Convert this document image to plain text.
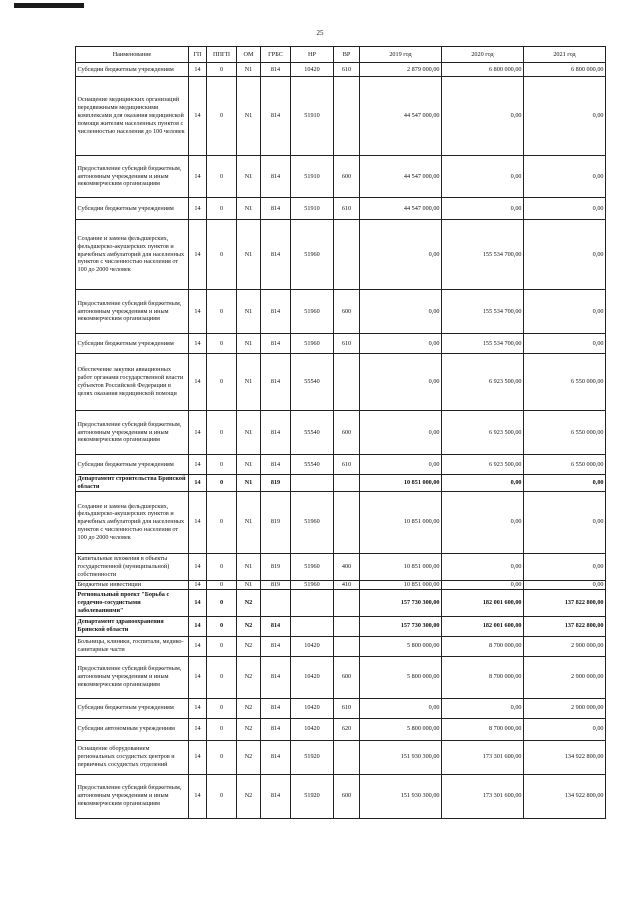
25
Наименование	ГП	ППГП	ОМ	ГРБС	НР	ВР	2019 год	2020 год	2021 год
Субсидии бюджетным учреждениям	14	0	N1	814	10420	610	2 879 000,00	6 800 000,00	6 800 000,00
Оснащение медицинских организаций передвижными медицинскими комплексами для оказания медицинской помощи жителям населенных пунктов с численностью населения до 100 человек	14	0	N1	814	51910		44 547 000,00	0,00	0,00
Предоставление субсидий бюджетным, автономным учреждениям и иным некоммерческим организациям	14	0	N1	814	51910	600	44 547 000,00	0,00	0,00
Субсидии бюджетным учреждениям	14	0	N1	814	51910	610	44 547 000,00	0,00	0,00
Создание и замена фельдшерских, фельдшерско-акушерских пунктов и врачебных амбулаторий для населенных пунктов с численностью населения от 100 до 2000 человек	14	0	N1	814	51960		0,00	155 534 700,00	0,00
Предоставление субсидий бюджетным, автономным учреждениям и иным некоммерческим организациям	14	0	N1	814	51960	600	0,00	155 534 700,00	0,00
Субсидии бюджетным учреждениям	14	0	N1	814	51960	610	0,00	155 534 700,00	0,00
Обеспечение закупки авиационных работ органами государственной власти субъектов Российской Федерации в целях оказания медицинской помощи	14	0	N1	814	55540		0,00	6 923 500,00	6 550 000,00
Предоставление субсидий бюджетным, автономным учреждениям и иным некоммерческим организациям	14	0	N1	814	55540	600	0,00	6 923 500,00	6 550 000,00
Субсидии бюджетным учреждениям	14	0	N1	814	55540	610	0,00	6 923 500,00	6 550 000,00
Департамент строительства Брянской области	14	0	N1	819			10 851 000,00	0,00	0,00
Создание и замена фельдшерских, фельдшерско-акушерских пунктов и врачебных амбулаторий для населенных пунктов с численностью населения от 100 до 2000 человек	14	0	N1	819	51960		10 851 000,00	0,00	0,00
Капитальные вложения в объекты государственной (муниципальной) собственности	14	0	N1	819	51960	400	10 851 000,00	0,00	0,00
Бюджетные инвестиции	14	0	N1	819	51960	410	10 851 000,00	0,00	0,00
Региональный проект "Борьба с сердечно-сосудистыми заболеваниями"	14	0	N2				157 730 300,00	182 001 600,00	137 822 800,00
Департамент здравоохранения Брянской области	14	0	N2	814			157 730 300,00	182 001 600,00	137 822 800,00
Больницы, клиники, госпитали, медико-санитарные части	14	0	N2	814	10420		5 800 000,00	8 700 000,00	2 900 000,00
Предоставление субсидий бюджетным, автономным учреждениям и иным некоммерческим организациям	14	0	N2	814	10420	600	5 800 000,00	8 700 000,00	2 900 000,00
Субсидии бюджетным учреждениям	14	0	N2	814	10420	610	0,00	0,00	2 900 000,00
Субсидии автономным учреждениям	14	0	N2	814	10420	620	5 800 000,00	8 700 000,00	0,00
Оснащение оборудованием региональных сосудистых центров и первичных сосудистых отделений	14	0	N2	814	51920		151 930 300,00	173 301 600,00	134 922 800,00
Предоставление субсидий бюджетным, автономным учреждениям и иным некоммерческим организациям	14	0	N2	814	51920	600	151 930 300,00	173 301 600,00	134 922 800,00
